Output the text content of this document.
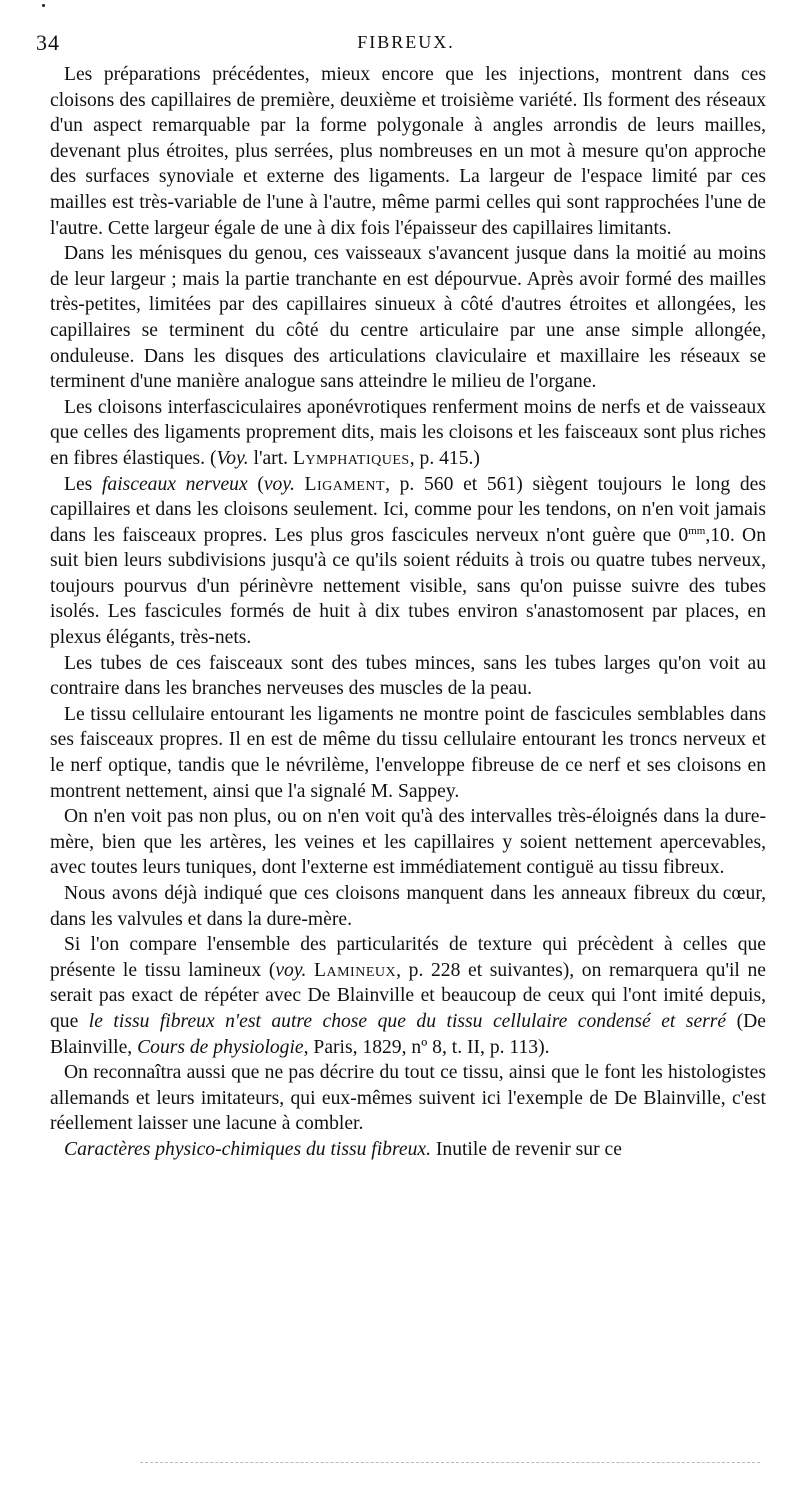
34	FIBREUX.

Les préparations précédentes, mieux encore que les injections, montrent dans ces cloisons des capillaires de première, deuxième et troisième variété. Ils forment des réseaux d'un aspect remarquable par la forme polygonale à angles arrondis de leurs mailles, devenant plus étroites, plus serrées, plus nombreuses en un mot à mesure qu'on approche des surfaces synoviale et externe des ligaments. La largeur de l'espace limité par ces mailles est très-variable de l'une à l'autre, même parmi celles qui sont rapprochées l'une de l'autre. Cette largeur égale de une à dix fois l'épaisseur des capillaires limitants.

Dans les ménisques du genou, ces vaisseaux s'avancent jusque dans la moitié au moins de leur largeur ; mais la partie tranchante en est dépourvue. Après avoir formé des mailles très-petites, limitées par des capillaires sinueux à côté d'autres étroites et allongées, les capillaires se terminent du côté du centre articulaire par une anse simple allongée, onduleuse. Dans les disques des articulations claviculaire et maxillaire les réseaux se terminent d'une manière analogue sans atteindre le milieu de l'organe.

Les cloisons interfasciculaires aponévrotiques renferment moins de nerfs et de vaisseaux que celles des ligaments proprement dits, mais les cloisons et les faisceaux sont plus riches en fibres élastiques. (Voy. l'art. Lymphatiques, p. 415.)

Les faisceaux nerveux (voy. Ligament, p. 560 et 561) siègent toujours le long des capillaires et dans les cloisons seulement. Ici, comme pour les tendons, on n'en voit jamais dans les faisceaux propres. Les plus gros fascicules nerveux n'ont guère que $0^{mm},10$. On suit bien leurs subdivisions jusqu'à ce qu'ils soient réduits à trois ou quatre tubes nerveux, toujours pourvus d'un périnèvre nettement visible, sans qu'on puisse suivre des tubes isolés. Les fascicules formés de huit à dix tubes environ s'anastomosent par places, en plexus élégants, très-nets.

Les tubes de ces faisceaux sont des tubes minces, sans les tubes larges qu'on voit au contraire dans les branches nerveuses des muscles de la peau.

Le tissu cellulaire entourant les ligaments ne montre point de fascicules semblables dans ses faisceaux propres. Il en est de même du tissu cellulaire entourant les troncs nerveux et le nerf optique, tandis que le névrilème, l'enveloppe fibreuse de ce nerf et ses cloisons en montrent nettement, ainsi que l'a signalé M. Sappey.

On n'en voit pas non plus, ou on n'en voit qu'à des intervalles très-éloignés dans la dure-mère, bien que les artères, les veines et les capillaires y soient nettement apercevables, avec toutes leurs tuniques, dont l'externe est immédiatement contiguë au tissu fibreux.

Nous avons déjà indiqué que ces cloisons manquent dans les anneaux fibreux du cœur, dans les valvules et dans la dure-mère.

Si l'on compare l'ensemble des particularités de texture qui précèdent à celles que présente le tissu lamineux (voy. Lamineux, p. 228 et suivantes), on remarquera qu'il ne serait pas exact de répéter avec De Blainville et beaucoup de ceux qui l'ont imité depuis, que le tissu fibreux n'est autre chose que du tissu cellulaire condensé et serré (De Blainville, Cours de physiologie, Paris, 1829, nº 8, t. II, p. 113).

On reconnaîtra aussi que ne pas décrire du tout ce tissu, ainsi que le font les histologistes allemands et leurs imitateurs, qui eux-mêmes suivent ici l'exemple de De Blainville, c'est réellement laisser une lacune à combler.

Caractères physico-chimiques du tissu fibreux. Inutile de revenir sur ce
